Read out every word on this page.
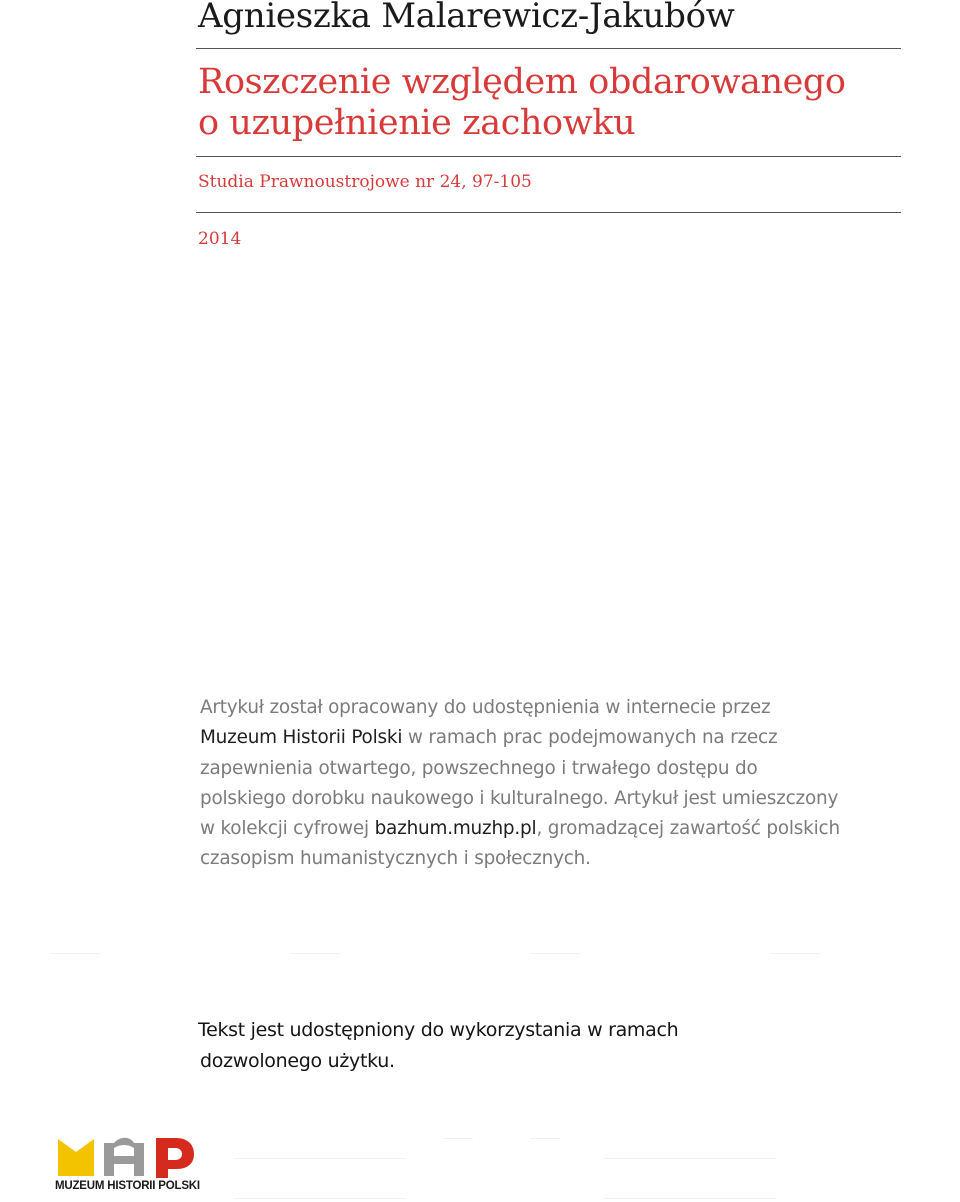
Agnieszka Malarewicz-Jakubów
Roszczenie względem obdarowanego
o uzupełnienie zachowku
Studia Prawnoustrojowe nr 24, 97-105
2014
Artykuł został opracowany do udostępnienia w internecie przez
Muzeum Historii Polski w ramach prac podejmowanych na rzecz
zapewnienia otwartego, powszechnego i trwałego dostępu do
polskiego dorobku naukowego i kulturalnego. Artykuł jest umieszczony
w kolekcji cyfrowej bazhum.muzhp.pl, gromadzącej zawartość polskich
czasopism humanistycznych i społecznych.
Tekst jest udostępniony do wykorzystania w ramach
dozwolonego użytku.
MUZEUM HISTORII POLSKI
